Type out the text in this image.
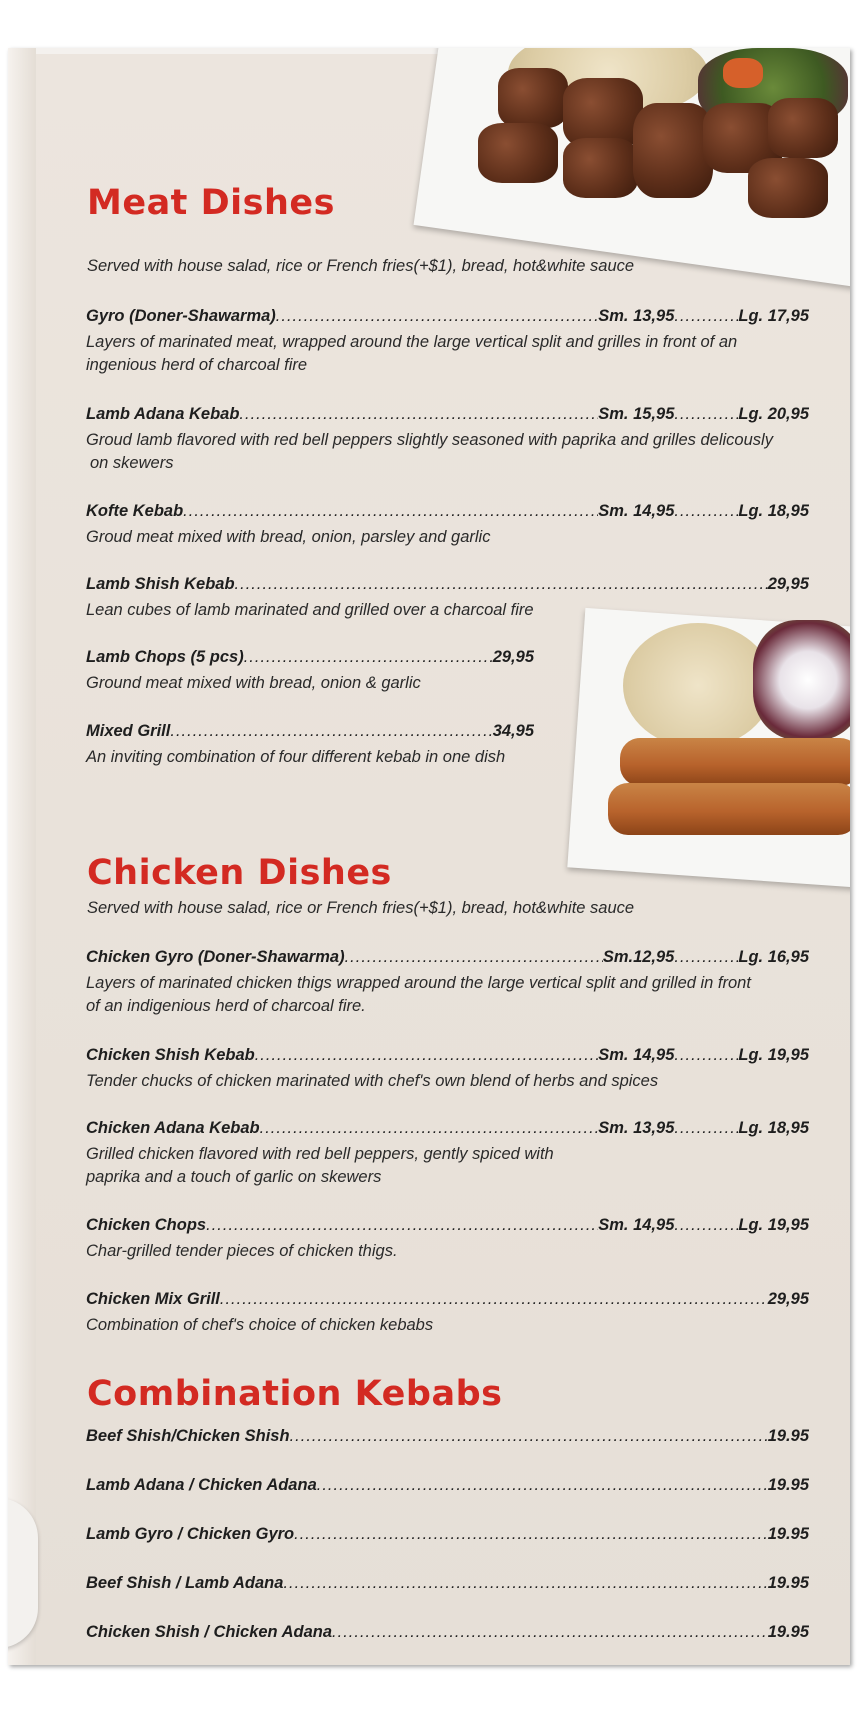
Meat Dishes

Served with house salad, rice or French fries(+$1), bread, hot&white sauce

Gyro (Doner-Shawarma) .....	Sm. 13,95 .....	Lg. 17,95

Layers of marinated meat, wrapped around the large vertical split and grilles in front of an
ingenious herd of charcoal fire

Lamb Adana Kebab .....	Sm. 15,95 .....	Lg. 20,95

Groud lamb flavored with red bell peppers slightly seasoned with paprika and grilles delicously
on skewers

Kofte Kebab .....	Sm. 14,95 .....	Lg. 18,95

Groud meat mixed with bread, onion, parsley and garlic

Lamb Shish Kebab .....	29,95

Lean cubes of lamb marinated and grilled over a charcoal fire

Lamb Chops (5 pcs) .....	29,95

Ground meat mixed with bread, onion & garlic

Mixed Grill .....	34,95

An inviting combination of four different kebab in one dish

Chicken Dishes

Served with house salad, rice or French fries(+$1), bread, hot&white sauce

Chicken Gyro (Doner-Shawarma) .....	Sm.12,95 .....	Lg. 16,95

Layers of marinated chicken thigs wrapped around the large vertical split and grilled in front
of an indigenious herd of charcoal fire.

Chicken Shish Kebab .....	Sm. 14,95 .....	Lg. 19,95

Tender chucks of chicken marinated with chef's own blend of herbs and spices

Chicken Adana Kebab .....	Sm. 13,95 .....	Lg. 18,95

Grilled chicken flavored with red bell peppers, gently spiced with
paprika and a touch of garlic on skewers

Chicken Chops .....	Sm. 14,95 .....	Lg. 19,95

Char-grilled tender pieces of chicken thigs.

Chicken Mix Grill .....	29,95

Combination of chef's choice of chicken kebabs

Combination Kebabs
Beef Shish/Chicken Shish .....	19.95
Lamb Adana / Chicken Adana .....	19.95
Lamb Gyro / Chicken Gyro .....	19.95
Beef Shish / Lamb Adana .....	19.95
Chicken Shish / Chicken Adana .....	19.95
